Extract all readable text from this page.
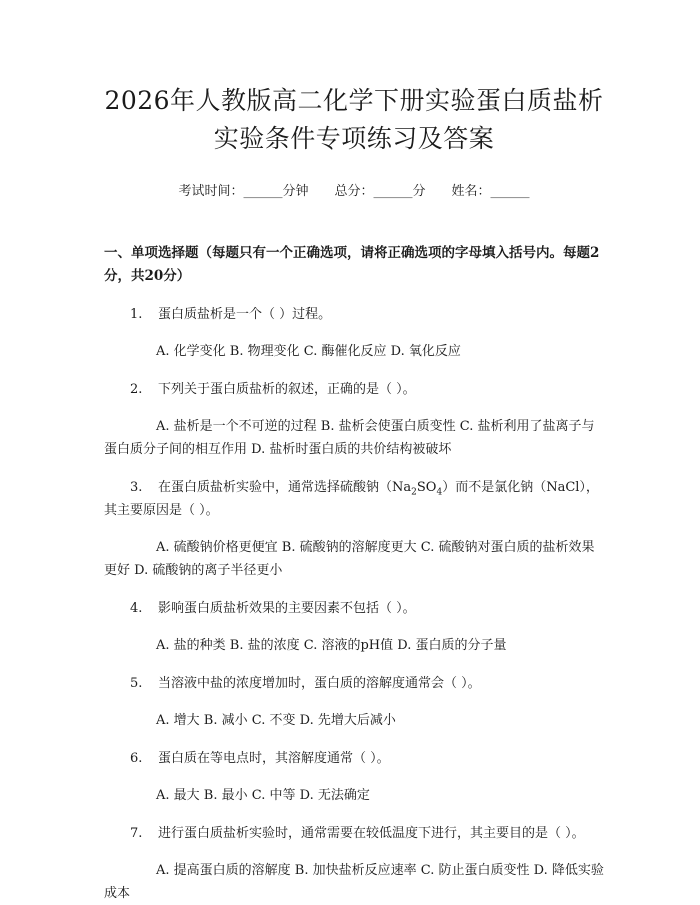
2026年人教版高二化学下册实验蛋白质盐析
实验条件专项练习及答案
考试时间：______分钟 总分：______分 姓名：______
一、单项选择题（每题只有一个正确选项，请将正确选项的字母填入括号内。每题2分，共20分）
1. 蛋白质盐析是一个（ ）过程。
A. 化学变化 B. 物理变化 C. 酶催化反应 D. 氧化反应
2. 下列关于蛋白质盐析的叙述，正确的是（ ）。
A. 盐析是一个不可逆的过程 B. 盐析会使蛋白质变性 C. 盐析利用了盐离子与蛋白质分子间的相互作用 D. 盐析时蛋白质的共价结构被破坏
3. 在蛋白质盐析实验中，通常选择硫酸钠$(Na_2SO_4)$而不是氯化钠（NaCl），其主要原因是（ ）。
A. 硫酸钠价格更便宜 B. 硫酸钠的溶解度更大 C. 硫酸钠对蛋白质的盐析效果更好 D. 硫酸钠的离子半径更小
4. 影响蛋白质盐析效果的主要因素不包括（ ）。
A. 盐的种类 B. 盐的浓度 C. 溶液的pH值 D. 蛋白质的分子量
5. 当溶液中盐的浓度增加时，蛋白质的溶解度通常会（ ）。
A. 增大 B. 减小 C. 不变 D. 先增大后减小
6. 蛋白质在等电点时，其溶解度通常（ ）。
A. 最大 B. 最小 C. 中等 D. 无法确定
7. 进行蛋白质盐析实验时，通常需要在较低温度下进行，其主要目的是（ ）。
A. 提高蛋白质的溶解度 B. 加快盐析反应速率 C. 防止蛋白质变性 D. 降低实验成本
